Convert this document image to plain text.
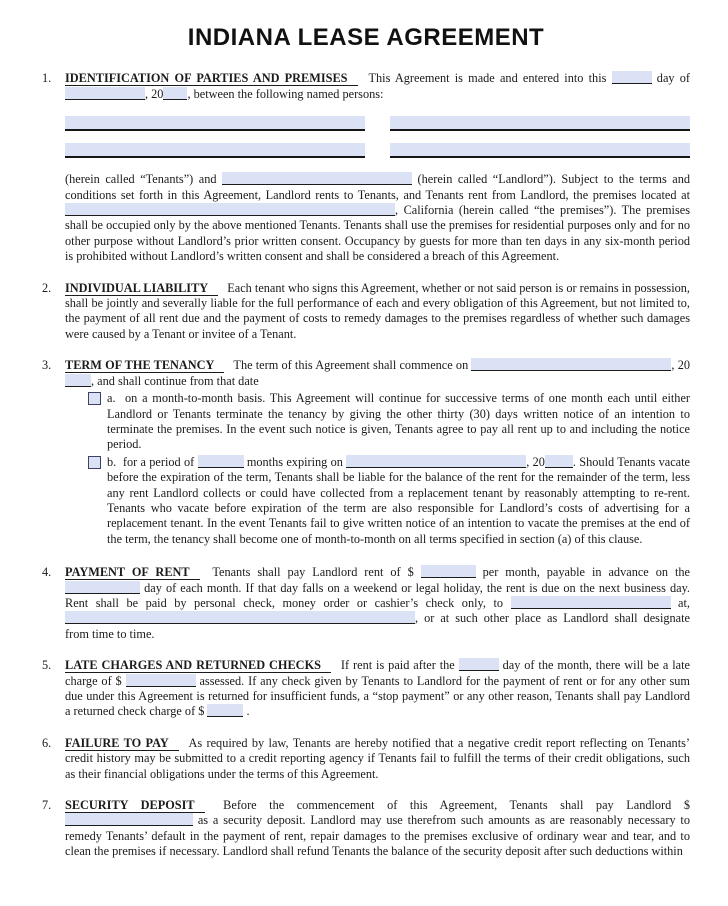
INDIANA LEASE AGREEMENT
1.	IDENTIFICATION OF PARTIES AND PREMISES This Agreement is made and entered into this	day of , 20 , between the following named persons:

(herein called “Tenants”) and	(herein called “Landlord”). Subject to the terms and conditions set forth in this Agreement, Landlord rents to Tenants, and Tenants rent from Landlord, the premises located at , California (herein called “the premises”). The premises shall be occupied only by the above mentioned Tenants. Tenants shall use the premises for residential purposes only and for no other purpose without Landlord’s prior written consent. Occupancy by guests for more than ten days in any six-month period is prohibited without Landlord’s written consent and shall be considered a breach of this Agreement.

2.	INDIVIDUAL LIABILITY Each tenant who signs this Agreement, whether or not said person is or remains in possession, shall be jointly and severally liable for the full performance of each and every obligation of this Agreement, but not limited to, the payment of all rent due and the payment of costs to remedy damages to the premises regardless of whether such damages were caused by a Tenant or invitee of a Tenant.

3.	TERM OF THE TENANCY The term of this Agreement shall commence on	, 20, and shall continue from that date

a. on a month-to-month basis. This Agreement will continue for successive terms of one month each until either Landlord or Tenants terminate the tenancy by giving the other thirty (30) days written notice of an intention to terminate the premises. In the event such notice is given, Tenants agree to pay all rent up to and including the notice period.
b. for a period of	months expiring on	, 20 . Should Tenants vacate before the expiration of the term, Tenants shall be liable for the balance of the rent for the remainder of the term, less any rent Landlord collects or could have collected from a replacement tenant by reasonably attempting to re-rent. Tenants who vacate before expiration of the term are also responsible for Landlord’s costs of advertising for a replacement tenant. In the event Tenants fail to give written notice of an intention to vacate the premises at the end of the term, the tenancy shall become one of month-to-month on all terms specified in section (a) of this clause.
4.	PAYMENT OF RENT Tenants shall pay Landlord rent of $	per month, payable in advance on the  day of each month. If that day falls on a weekend or legal holiday, the rent is due on the next business day. Rent shall be paid by personal check, money order or cashier’s check only, to	at, , or at such other place as Landlord shall designate from time to time.

5.	LATE CHARGES AND RETURNED CHECKS If rent is paid after the	day of the month, there will be a late charge of $	assessed. If any check given by Tenants to Landlord for the payment of rent or for any other sum due under this Agreement is returned for insufficient funds, a “stop payment” or any other reason, Tenants shall pay Landlord a returned check charge of $	.

6.	FAILURE TO PAY As required by law, Tenants are hereby notified that a negative credit report reflecting on Tenants’ credit history may be submitted to a credit reporting agency if Tenants fail to fulfill the terms of their credit obligations, such as their financial obligations under the terms of this Agreement.

7.	SECURITY DEPOSIT Before the commencement of this Agreement, Tenants shall pay Landlord $ as a security deposit. Landlord may use therefrom such amounts as are reasonably necessary to remedy Tenants’ default in the payment of rent, repair damages to the premises exclusive of ordinary wear and tear, and to clean the premises if necessary. Landlord shall refund Tenants the balance of the security deposit after such deductions within
